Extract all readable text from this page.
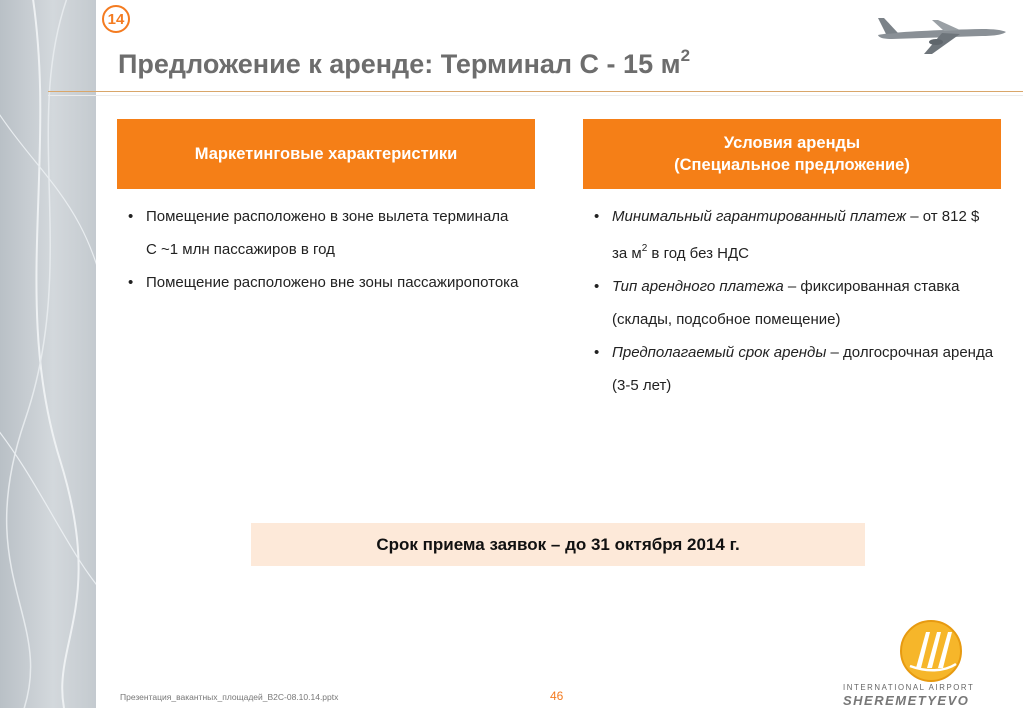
14
Предложение к аренде: Терминал С - 15 $м^2$
Маркетинговые характеристики
Условия аренды
(Специальное предложение)
• Помещение расположено в зоне вылета терминала С ~1 млн пассажиров в год
• Помещение расположено вне зоны пассажиропотока
• Минимальный гарантированный платеж – от 812 $ за $м^2$ в год без НДС
• Тип арендного платежа – фиксированная ставка (склады, подсобное помещение)
• Предполагаемый срок аренды – долгосрочная аренда (3-5 лет)
Срок приема заявок – до 31 октября 2014 г.
Презентация_вакантных_площадей_B2C-08.10.14.pptx	46
INTERNATIONAL AIRPORT
SHEREMETYEVO
